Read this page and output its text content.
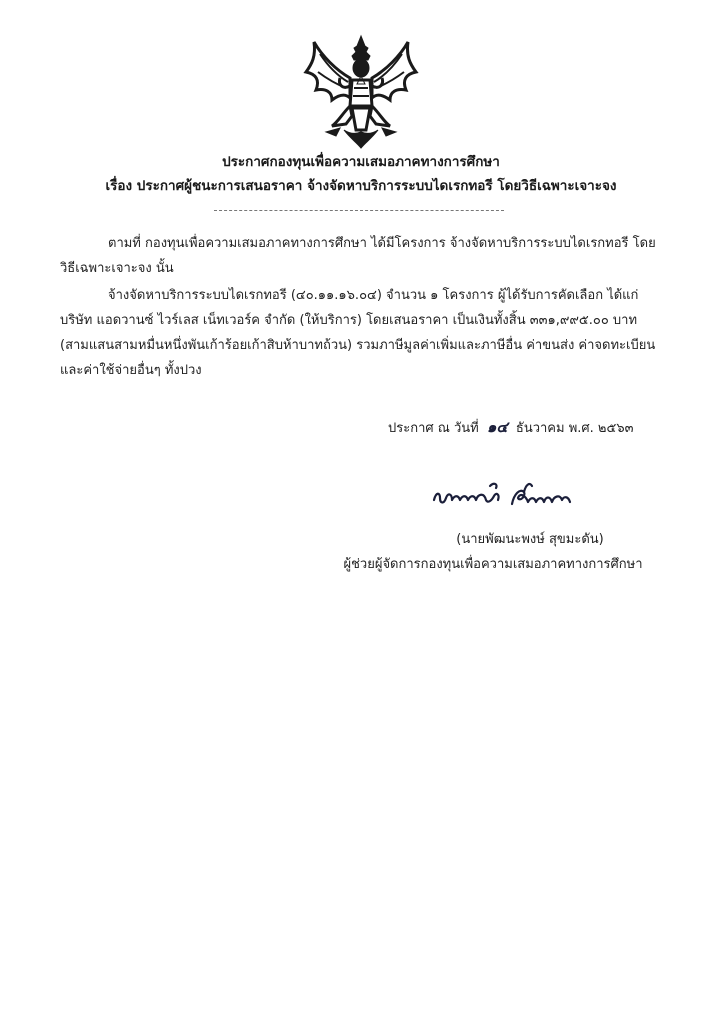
ประกาศกองทุนเพื่อความเสมอภาคทางการศึกษา
เรื่อง ประกาศผู้ชนะการเสนอราคา จ้างจัดหาบริการระบบไดเรกทอรี โดยวิธีเฉพาะเจาะจง
ตามที่ กองทุนเพื่อความเสมอภาคทางการศึกษา ได้มีโครงการ จ้างจัดหาบริการระบบไดเรกทอรี โดยวิธีเฉพาะเจาะจง นั้น
จ้างจัดหาบริการระบบไดเรกทอรี (๔๐.๑๑.๑๖.๐๔) จำนวน ๑ โครงการ ผู้ได้รับการคัดเลือก ได้แก่ บริษัท แอดวานซ์ ไวร์เลส เน็ทเวอร์ค จำกัด (ให้บริการ) โดยเสนอราคา เป็นเงินทั้งสิ้น ๓๓๑,๙๙๕.๐๐ บาท (สามแสนสามหมื่นหนึ่งพันเก้าร้อยเก้าสิบห้าบาทถ้วน) รวมภาษีมูลค่าเพิ่มและภาษีอื่น ค่าขนส่ง ค่าจดทะเบียน และค่าใช้จ่ายอื่นๆ ทั้งปวง
ประกาศ ณ วันที่ ๑๔ ธันวาคม พ.ศ. ๒๕๖๓
(นายพัฒนะพงษ์ สุขมะดัน)
ผู้ช่วยผู้จัดการกองทุนเพื่อความเสมอภาคทางการศึกษา
